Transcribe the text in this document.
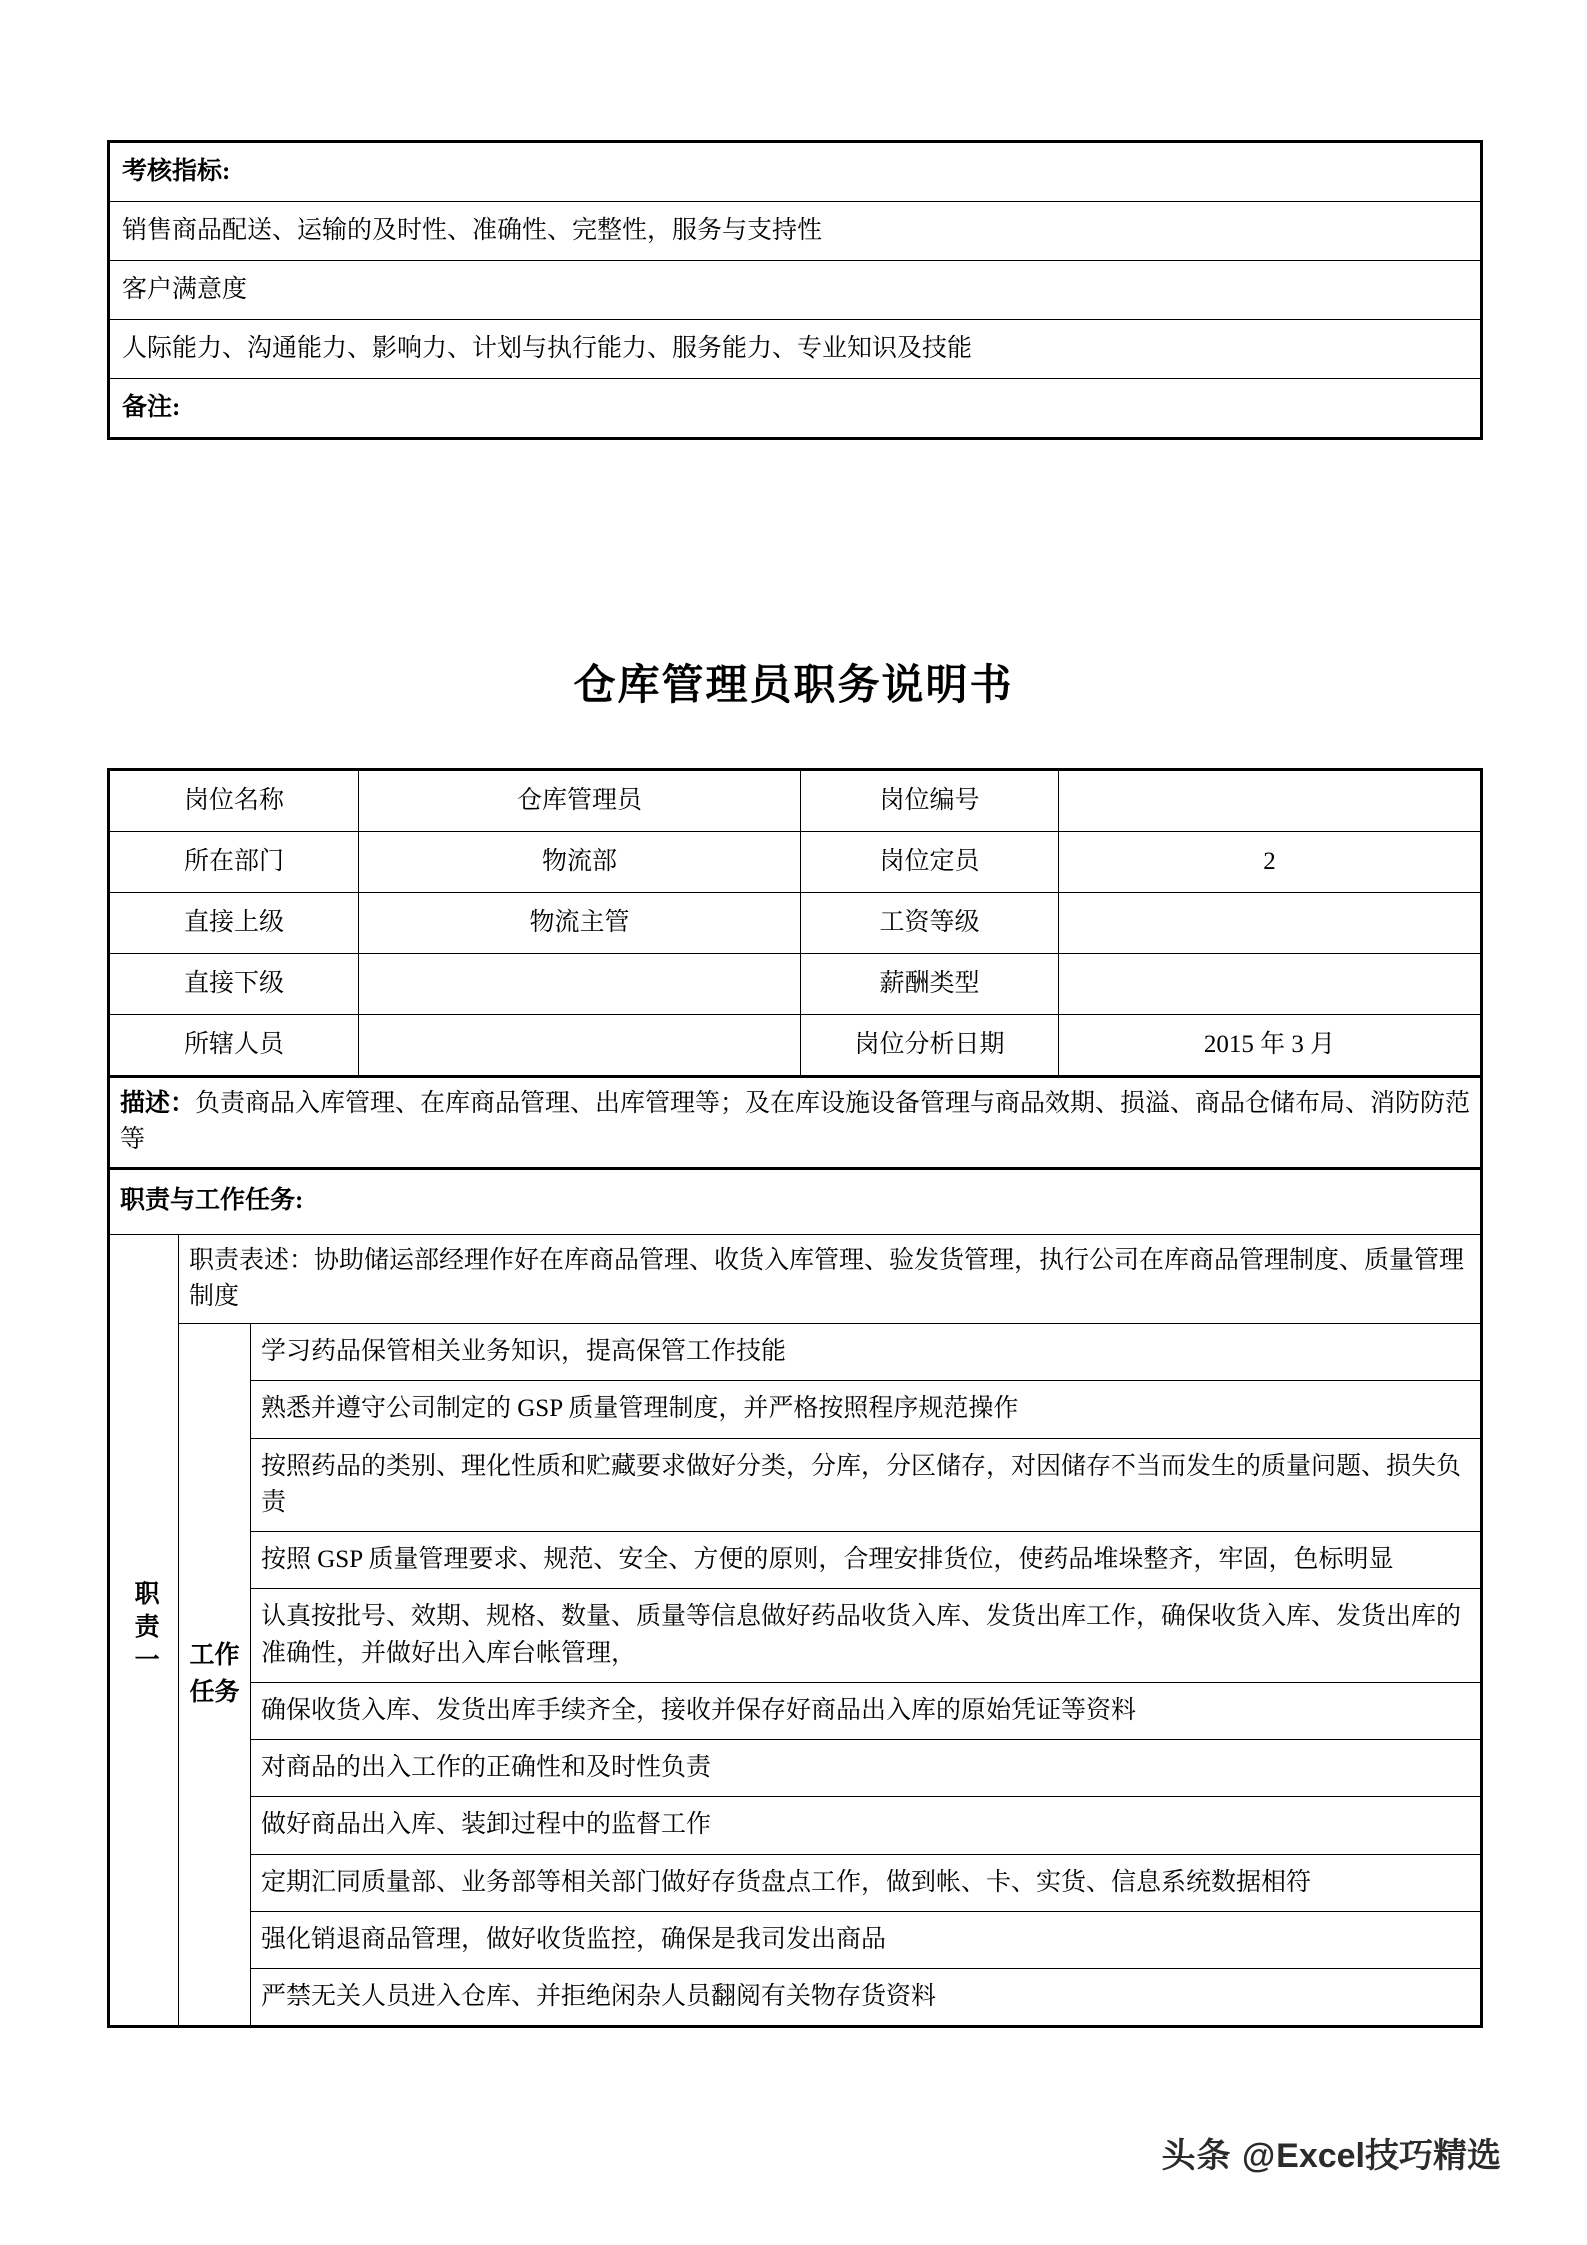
考核指标:
销售商品配送、运输的及时性、准确性、完整性，服务与支持性
客户满意度
人际能力、沟通能力、影响力、计划与执行能力、服务能力、专业知识及技能
备注:
仓库管理员职务说明书
岗位名称			仓库管理员	岗位编号	
所在部门			物流部	岗位定员	2
直接上级			物流主管	工资等级	
直接下级				薪酬类型	
所辖人员				岗位分析日期	2015 年 3 月
描述：负责商品入库管理、在库商品管理、出库管理等；及在库设施设备管理与商品效期、损溢、商品仓储布局、消防防范等					
职责与工作任务:					
职责一	职责表述：协助储运部经理作好在库商品管理、收货入库管理、验发货管理，执行公司在库商品管理制度、质量管理制度				
	工作任务	学习药品保管相关业务知识，提高保管工作技能			
		熟悉并遵守公司制定的 GSP 质量管理制度，并严格按照程序规范操作			
		按照药品的类别、理化性质和贮藏要求做好分类，分库，分区储存，对因储存不当而发生的质量问题、损失负责			
		按照 GSP 质量管理要求、规范、安全、方便的原则，合理安排货位，使药品堆垛整齐，牢固，色标明显			
		认真按批号、效期、规格、数量、质量等信息做好药品收货入库、发货出库工作，确保收货入库、发货出库的准确性，并做好出入库台帐管理，			
		确保收货入库、发货出库手续齐全，接收并保存好商品出入库的原始凭证等资料			
		对商品的出入工作的正确性和及时性负责			
		做好商品出入库、装卸过程中的监督工作			
		定期汇同质量部、业务部等相关部门做好存货盘点工作，做到帐、卡、实货、信息系统数据相符			
		强化销退商品管理，做好收货监控，确保是我司发出商品			
		严禁无关人员进入仓库、并拒绝闲杂人员翻阅有关物存货资料			
头条 @Excel技巧精选
